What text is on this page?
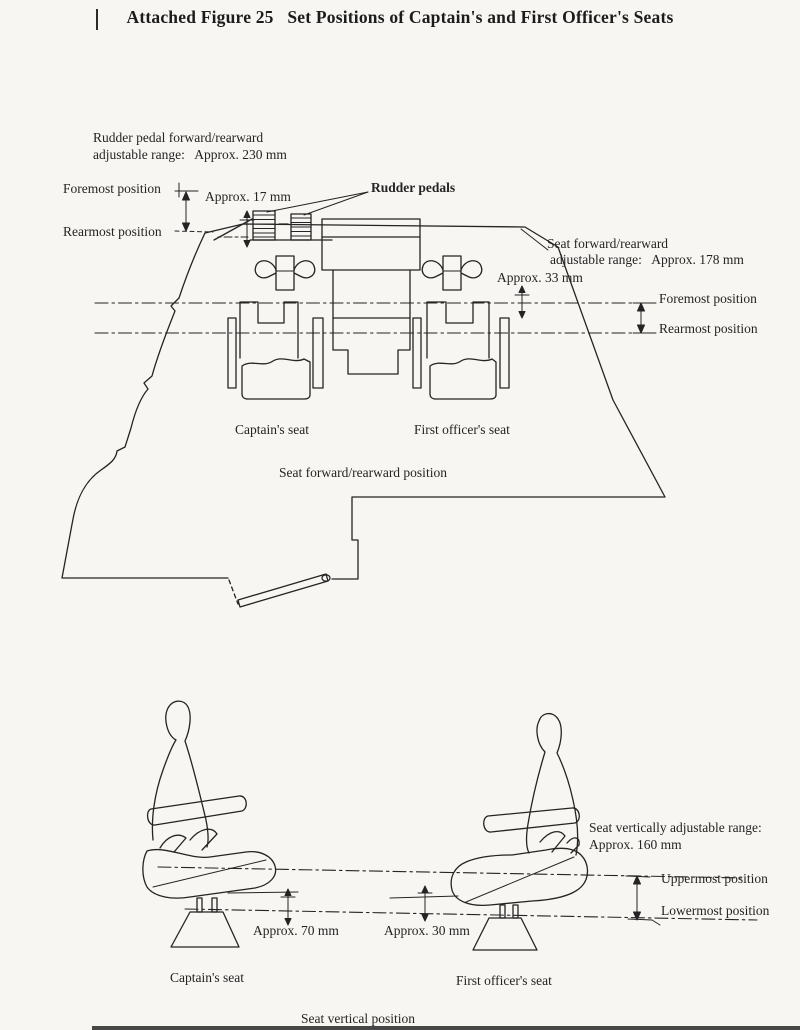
Attached Figure 25   Set Positions of Captain's and First Officer's Seats
Rudder pedal forward/rearward
adjustable range:   Approx. 230 mm
Foremost position
Approx. 17 mm
Rudder pedals
Rearmost position
Seat forward/rearward
adjustable range:   Approx. 178 mm
Approx. 33 mm
Foremost position
Rearmost position
Captain's seat	First officer's seat
Seat forward/rearward position
Seat vertically adjustable range:
Approx. 160 mm
Uppermost position
Lowermost position
Approx. 70 mm	Approx. 30 mm
Captain's seat	First officer's seat
Seat vertical position
